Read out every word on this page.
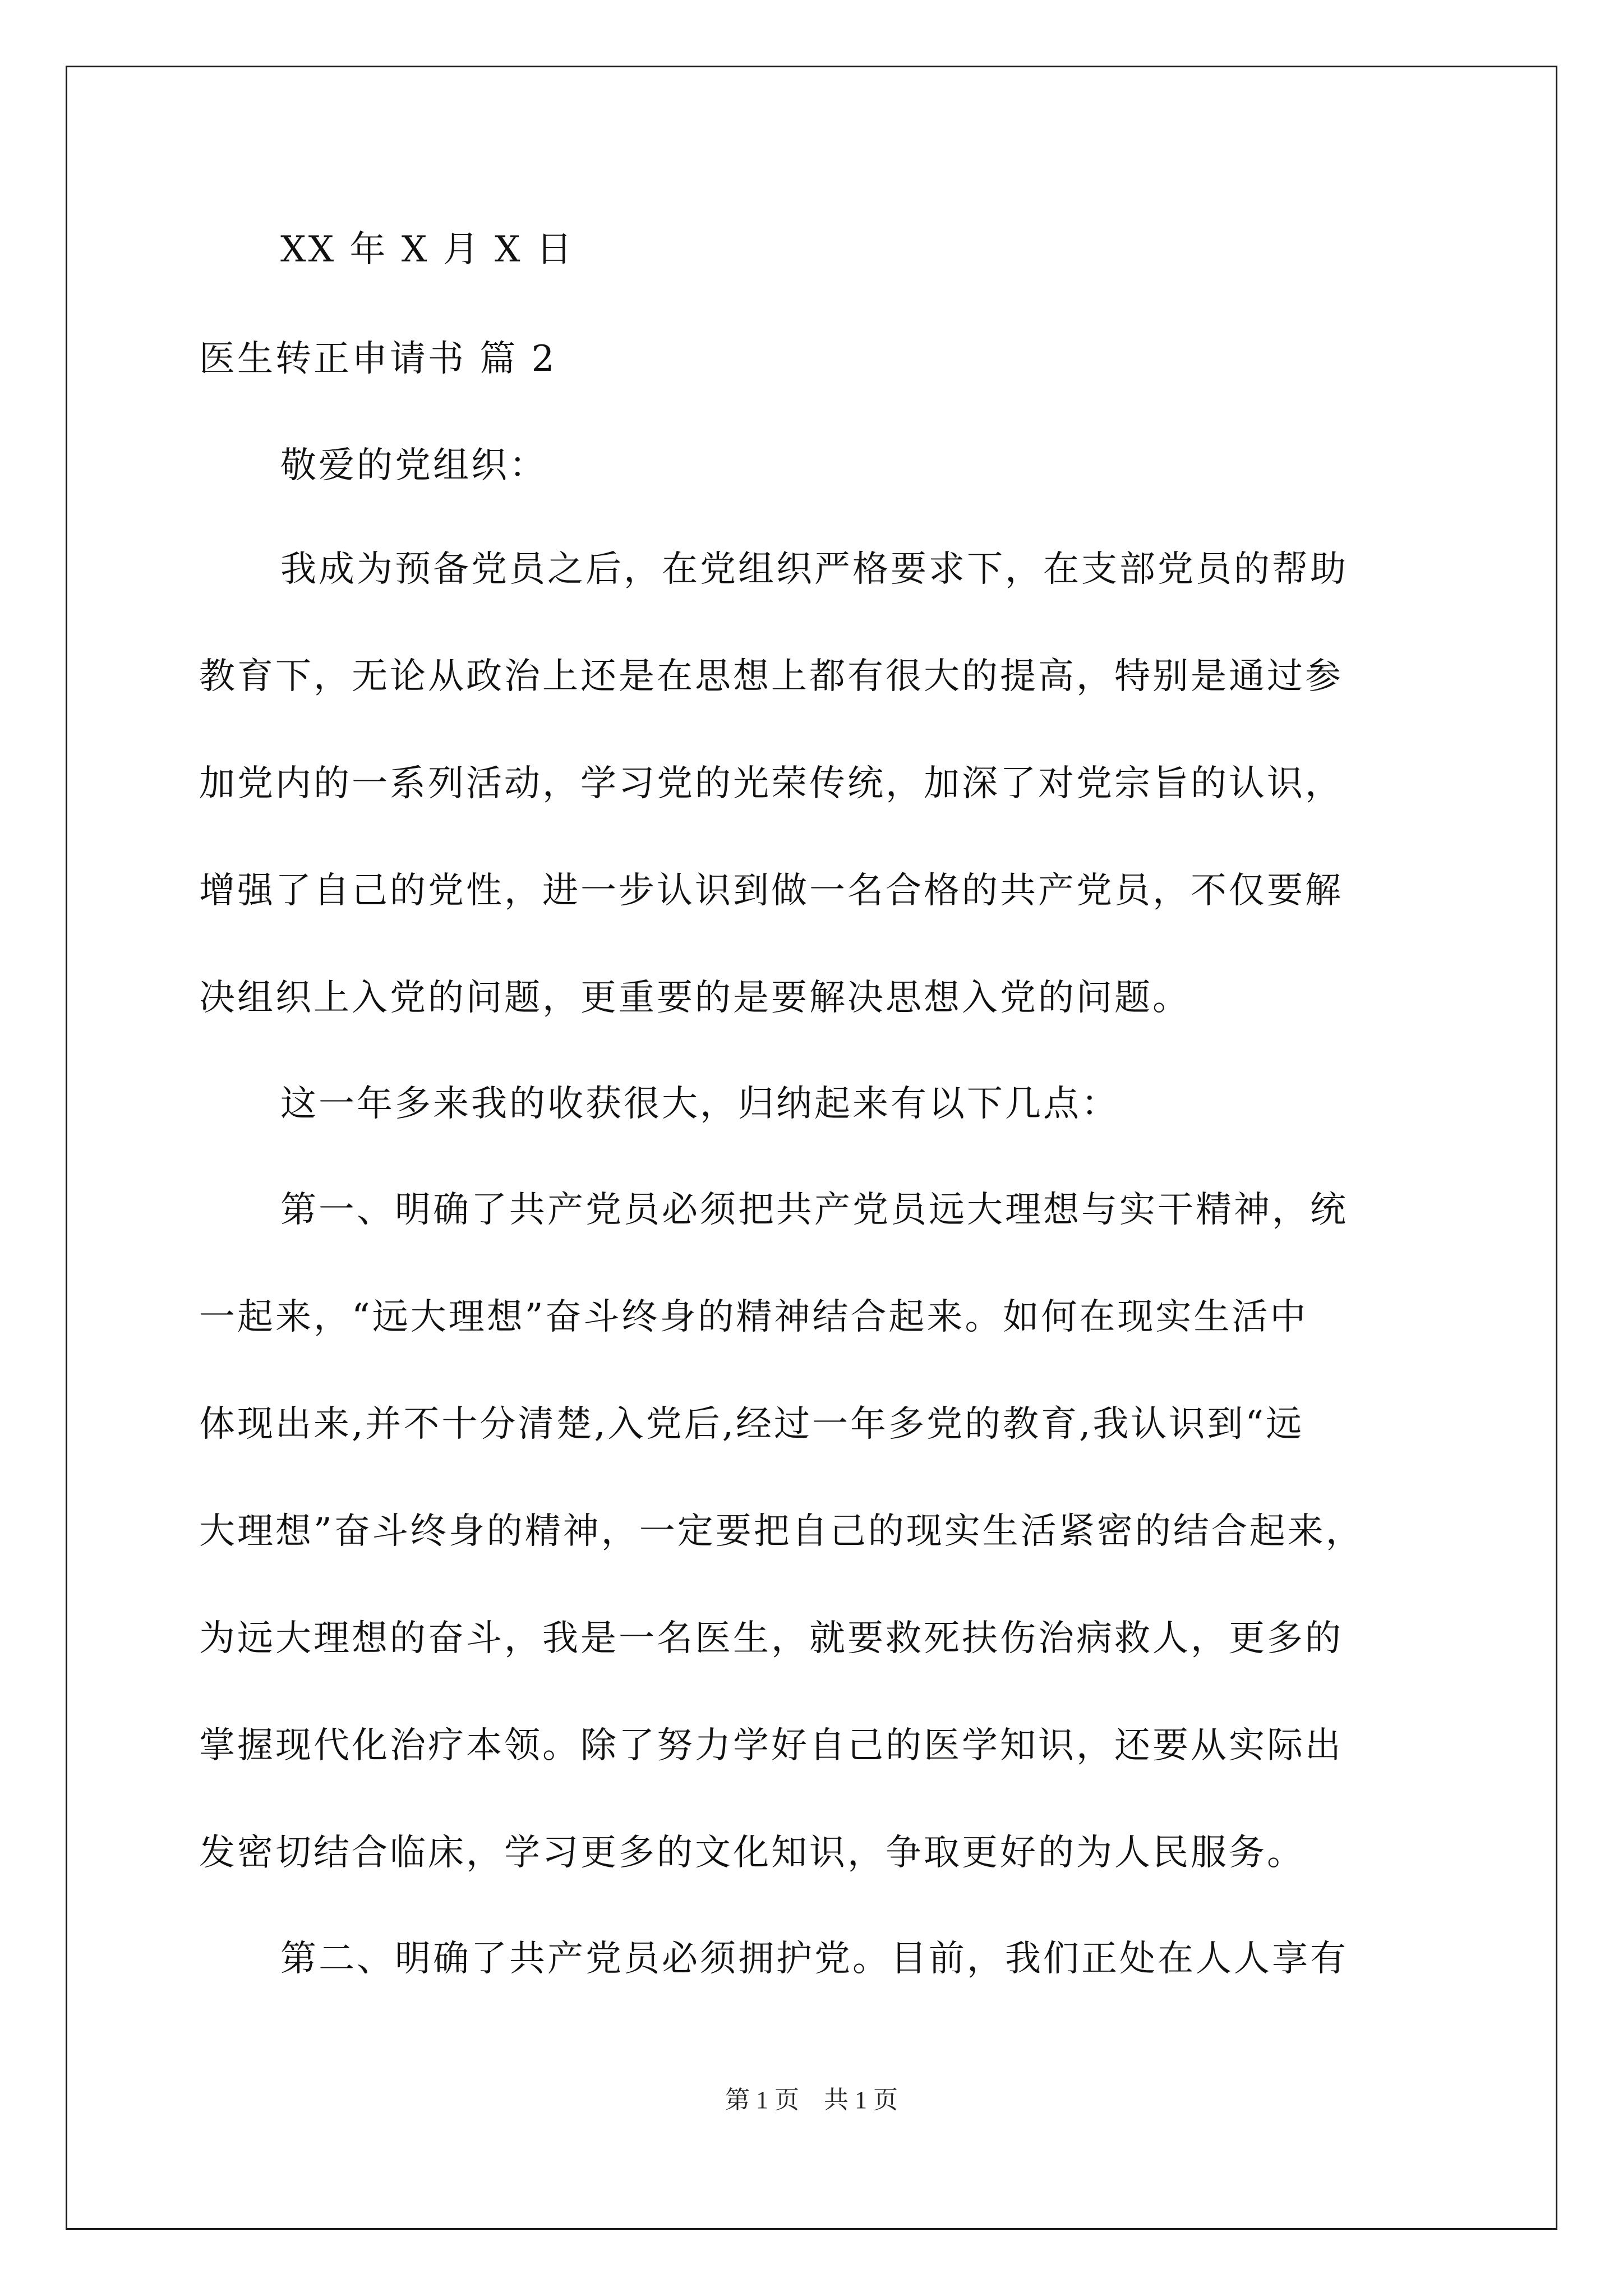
XX 年 X 月 X 日
医生转正申请书 篇 2
敬爱的党组织：
我成为预备党员之后，在党组织严格要求下，在支部党员的帮助
教育下，无论从政治上还是在思想上都有很大的提高，特别是通过参
加党内的一系列活动，学习党的光荣传统，加深了对党宗旨的认识，
增强了自己的党性，进一步认识到做一名合格的共产党员，不仅要解
决组织上入党的问题，更重要的是要解决思想入党的问题。
这一年多来我的收获很大，归纳起来有以下几点：
第一、明确了共产党员必须把共产党员远大理想与实干精神，统
一起来，“远大理想”奋斗终身的精神结合起来。如何在现实生活中
体现出来,并不十分清楚,入党后,经过一年多党的教育,我认识到“远
大理想”奋斗终身的精神，一定要把自己的现实生活紧密的结合起来，
为远大理想的奋斗，我是一名医生，就要救死扶伤治病救人，更多的
掌握现代化治疗本领。除了努力学好自己的医学知识，还要从实际出
发密切结合临床，学习更多的文化知识，争取更好的为人民服务。
第二、明确了共产党员必须拥护党。目前，我们正处在人人享有
第 1 页    共 1 页
